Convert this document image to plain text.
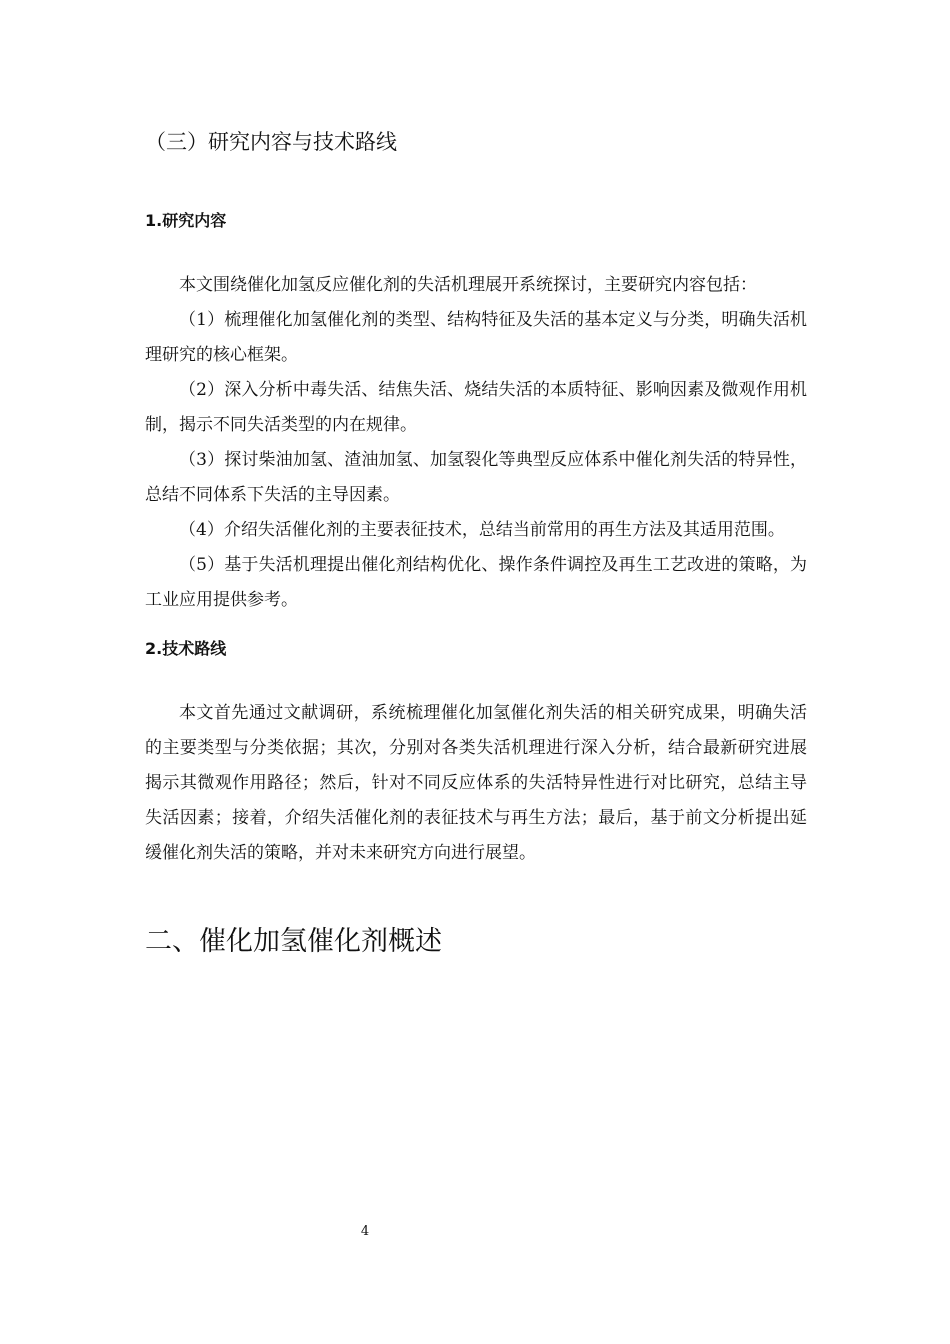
（三）研究内容与技术路线
1.研究内容

本文围绕催化加氢反应催化剂的失活机理展开系统探讨，主要研究内容包括：

（1）梳理催化加氢催化剂的类型、结构特征及失活的基本定义与分类，明确失活机理研究的核心框架。

（2）深入分析中毒失活、结焦失活、烧结失活的本质特征、影响因素及微观作用机制，揭示不同失活类型的内在规律。

（3）探讨柴油加氢、渣油加氢、加氢裂化等典型反应体系中催化剂失活的特异性，总结不同体系下失活的主导因素。

（4）介绍失活催化剂的主要表征技术，总结当前常用的再生方法及其适用范围。

（5）基于失活机理提出催化剂结构优化、操作条件调控及再生工艺改进的策略，为工业应用提供参考。

2.技术路线

本文首先通过文献调研，系统梳理催化加氢催化剂失活的相关研究成果，明确失活的主要类型与分类依据；其次，分别对各类失活机理进行深入分析，结合最新研究进展揭示其微观作用路径；然后，针对不同反应体系的失活特异性进行对比研究，总结主导失活因素；接着，介绍失活催化剂的表征技术与再生方法；最后，基于前文分析提出延缓催化剂失活的策略，并对未来研究方向进行展望。

二、催化加氢催化剂概述
4
